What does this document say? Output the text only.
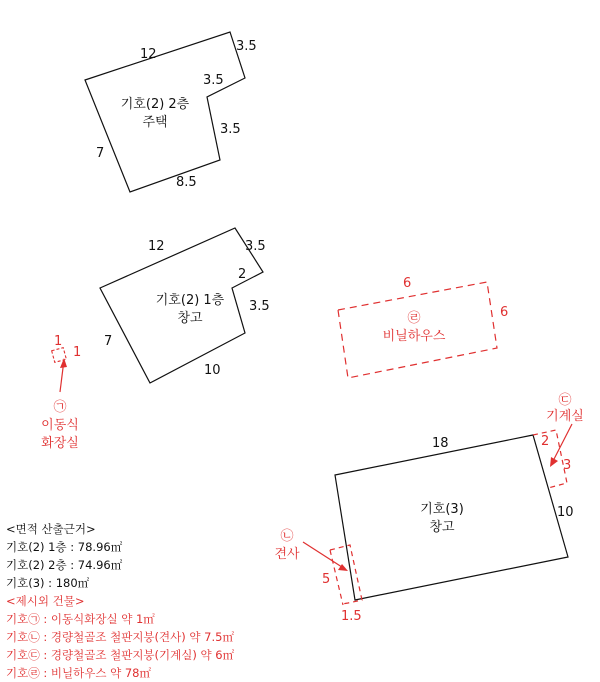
12
3.5
3.5
3.5
7
8.5
기호(2) 2층
주택
12	3.5
2
3.5
7
10
기호(2) 1층
창고
6
6
㉣
비닐하우스
1
1
㉠
이동식
화장실	18
10
기호(3)
창고
5
1.5
㉡
견사
2
3
㉢
기계실
<면적 산출근거>
기호(2) 1층 : 78.96㎡
기호(2) 2층 : 74.96㎡
기호(3) : 180㎡
<제시외 건물>
기호㉠ : 이동식화장실 약 1㎡
기호㉡ : 경량철골조 철판지붕(견사) 약 7.5㎡
기호㉢ : 경량철골조 철판지붕(기계실) 약 6㎡
기호㉣ : 비닐하우스 약 78㎡
